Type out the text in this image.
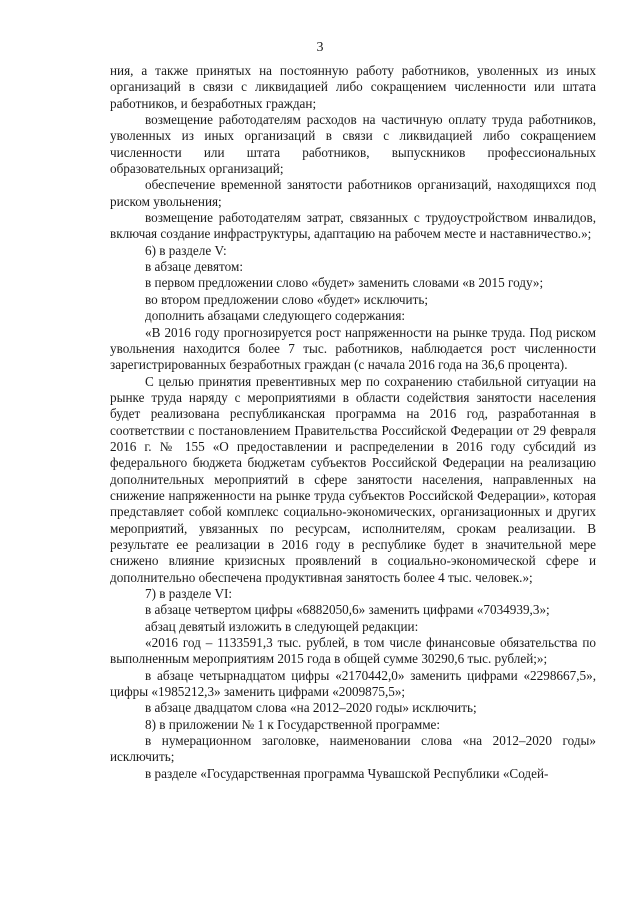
3

ния, а также принятых на постоянную работу работников, уволенных из иных организаций в связи с ликвидацией либо сокращением численности или штата работников, и безработных граждан;

возмещение работодателям расходов на частичную оплату труда работников, уволенных из иных организаций в связи с ликвидацией либо сокращением численности или штата работников, выпускников профессиональных образовательных организаций;

обеспечение временной занятости работников организаций, находящихся под риском увольнения;

возмещение работодателям затрат, связанных с трудоустройством инвалидов, включая создание инфраструктуры, адаптацию на рабочем месте и наставничество.»;

6) в разделе V:

в абзаце девятом:

в первом предложении слово «будет» заменить словами «в 2015 году»;

во втором предложении слово «будет» исключить;

дополнить абзацами следующего содержания:

«В 2016 году прогнозируется рост напряженности на рынке труда. Под риском увольнения находится более 7 тыс. работников, наблюдается рост численности зарегистрированных безработных граждан (с начала 2016 года на 36,6 процента).

С целью принятия превентивных мер по сохранению стабильной ситуации на рынке труда наряду с мероприятиями в области содействия занятости населения будет реализована республиканская программа на 2016 год, разработанная в соответствии с постановлением Правительства Российской Федерации от 29 февраля 2016 г. № 155 «О предоставлении и распределении в 2016 году субсидий из федерального бюджета бюджетам субъектов Российской Федерации на реализацию дополнительных мероприятий в сфере занятости населения, направленных на снижение напряженности на рынке труда субъектов Российской Федерации», которая представляет собой комплекс социально-экономических, организационных и других мероприятий, увязанных по ресурсам, исполнителям, срокам реализации. В результате ее реализации в 2016 году в республике будет в значительной мере снижено влияние кризисных проявлений в социально-экономической сфере и дополнительно обеспечена продуктивная занятость более 4 тыс. человек.»;

7) в разделе VI:

в абзаце четвертом цифры «6882050,6» заменить цифрами «7034939,3»;

абзац девятый изложить в следующей редакции:

«2016 год – 1133591,3 тыс. рублей, в том числе финансовые обязательства по выполненным мероприятиям 2015 года в общей сумме 30290,6 тыс. рублей;»;

в абзаце четырнадцатом цифры «2170442,0» заменить цифрами «2298667,5», цифры «1985212,3» заменить цифрами «2009875,5»;

в абзаце двадцатом слова «на 2012–2020 годы» исключить;

8) в приложении № 1 к Государственной программе:

в нумерационном заголовке, наименовании слова «на 2012–2020 годы» исключить;

в разделе «Государственная программа Чувашской Республики «Содей-
